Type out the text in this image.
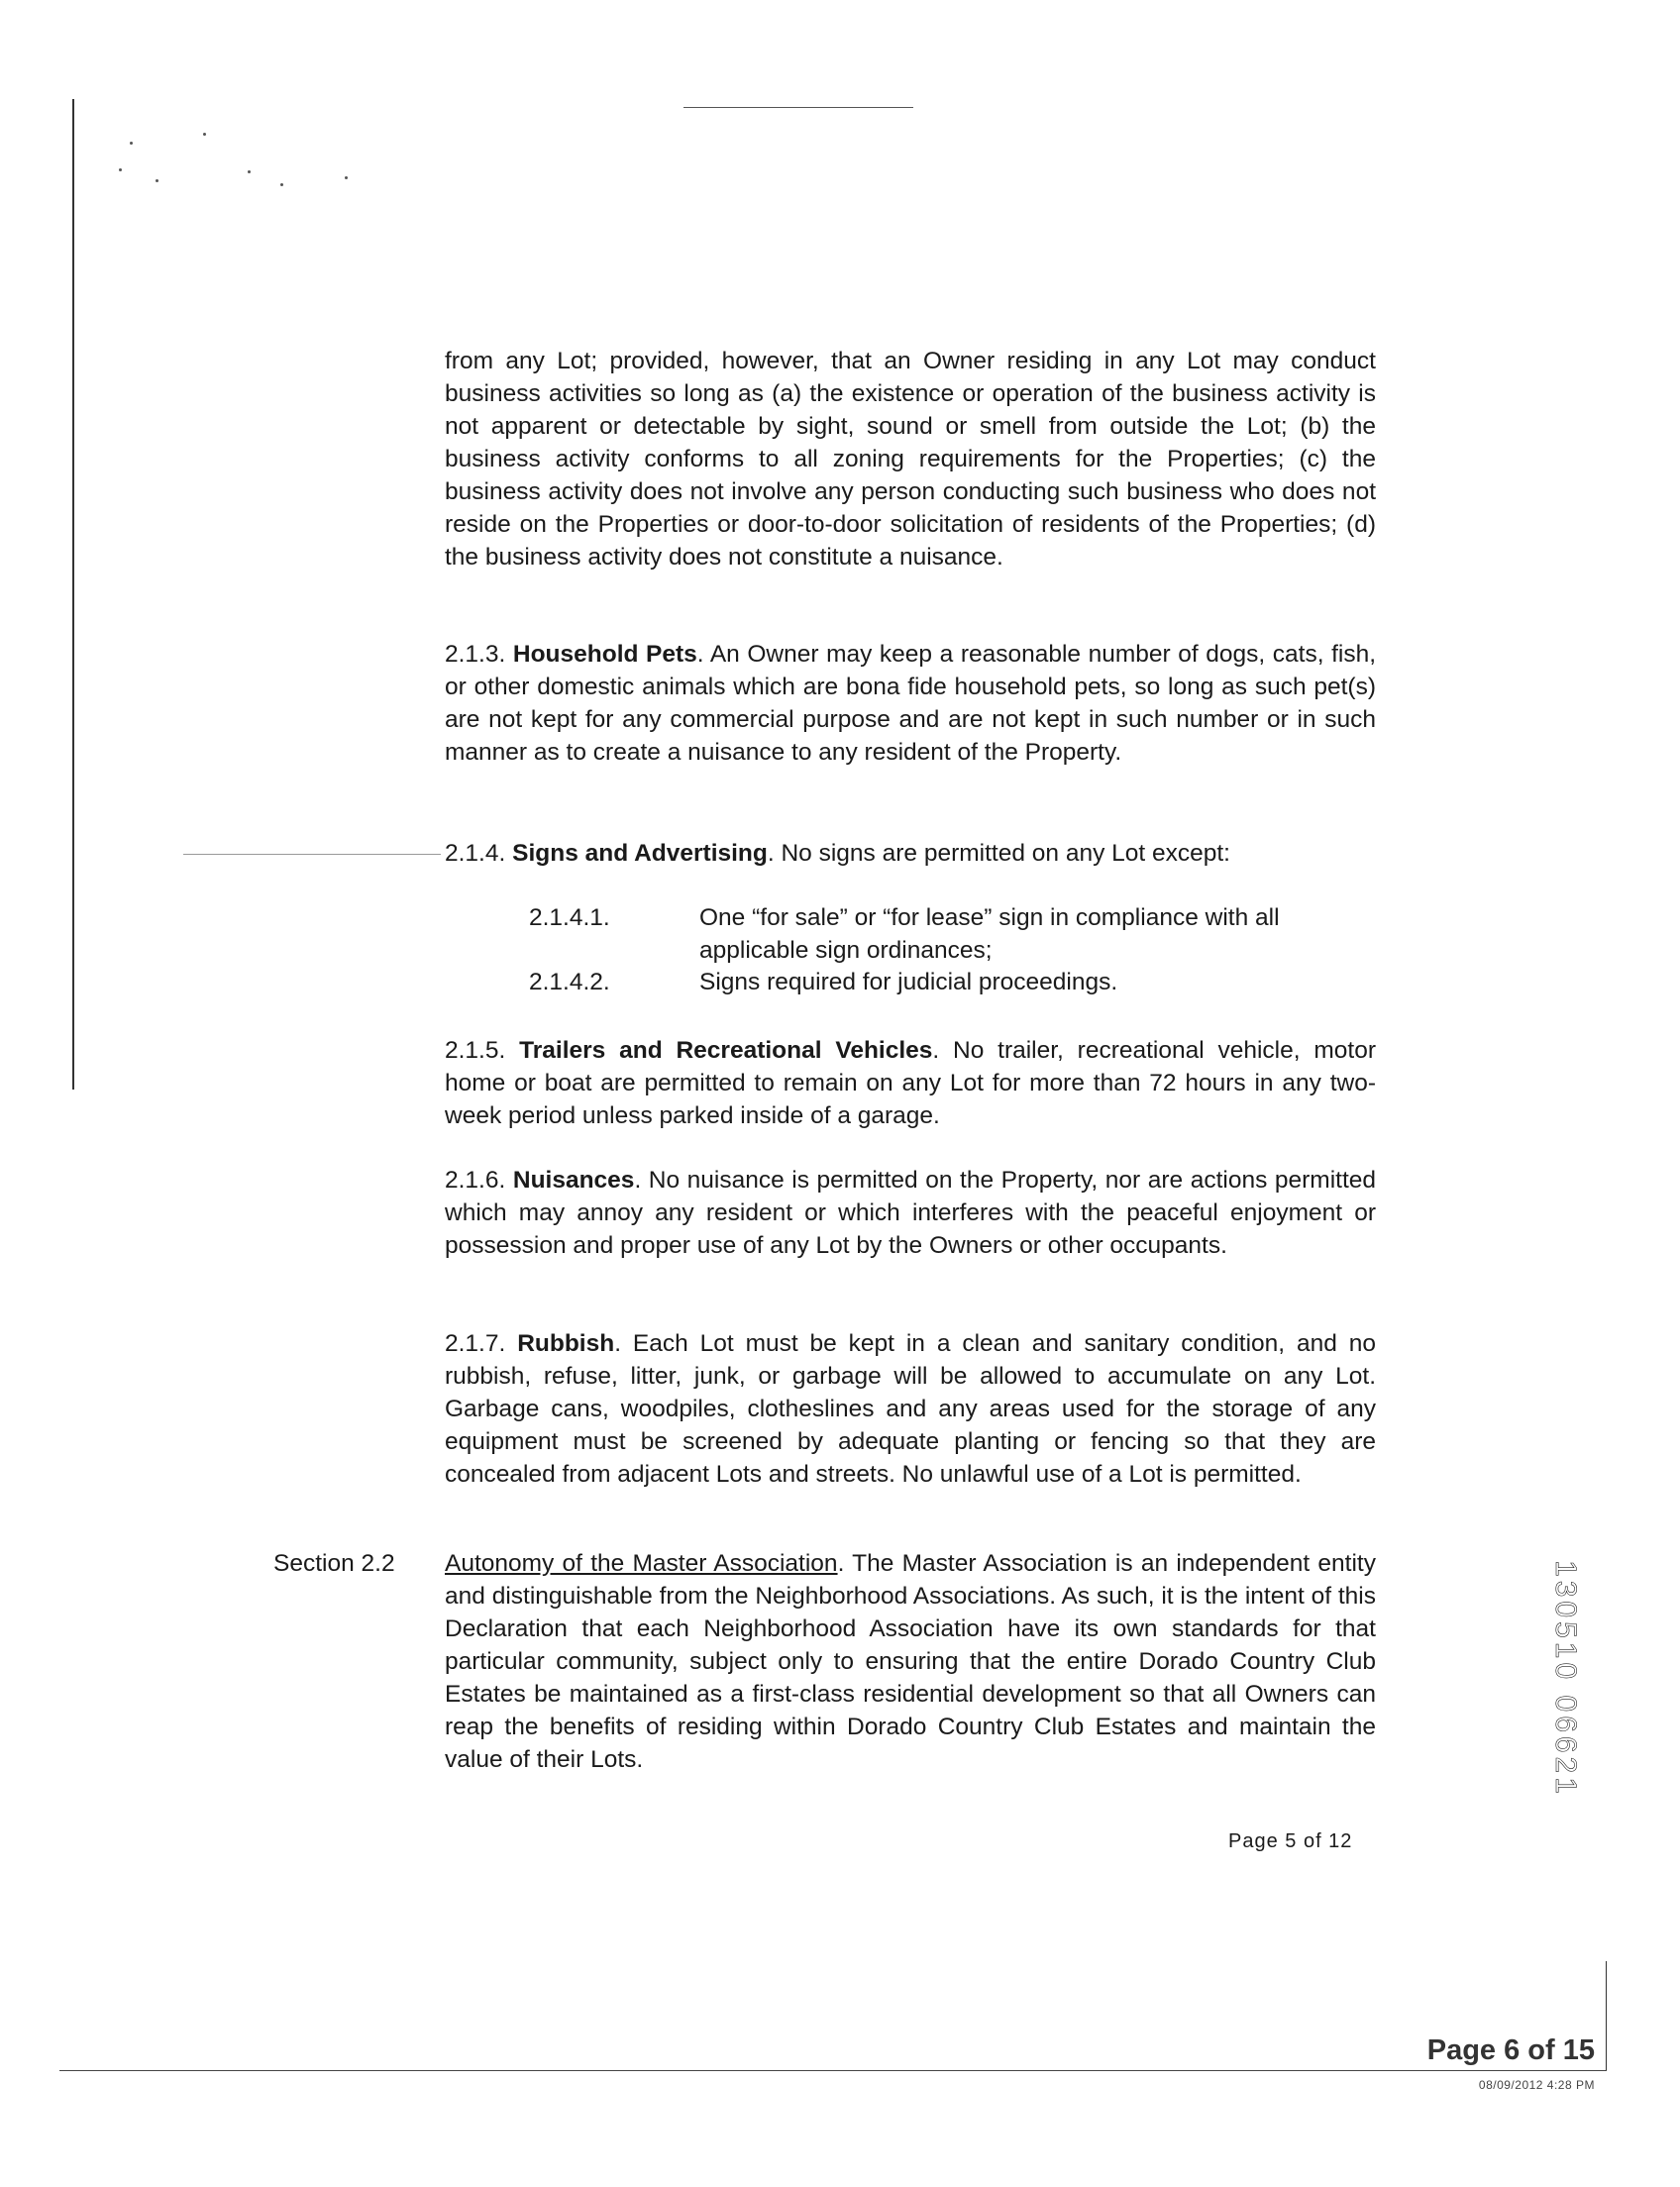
from any Lot; provided, however, that an Owner residing in any Lot may conduct business activities so long as (a) the existence or operation of the business activity is not apparent or detectable by sight, sound or smell from outside the Lot; (b) the business activity conforms to all zoning requirements for the Properties; (c) the business activity does not involve any person conducting such business who does not reside on the Properties or door-to-door solicitation of residents of the Properties; (d) the business activity does not constitute a nuisance.
2.1.3. Household Pets. An Owner may keep a reasonable number of dogs, cats, fish, or other domestic animals which are bona fide household pets, so long as such pet(s) are not kept for any commercial purpose and are not kept in such number or in such manner as to create a nuisance to any resident of the Property.
2.1.4. Signs and Advertising. No signs are permitted on any Lot except:
2.1.4.1.	One “for sale” or “for lease” sign in compliance with all applicable sign ordinances;
2.1.4.2.	Signs required for judicial proceedings.
2.1.5. Trailers and Recreational Vehicles. No trailer, recreational vehicle, motor home or boat are permitted to remain on any Lot for more than 72 hours in any two-week period unless parked inside of a garage.
2.1.6. Nuisances. No nuisance is permitted on the Property, nor are actions permitted which may annoy any resident or which interferes with the peaceful enjoyment or possession and proper use of any Lot by the Owners or other occupants.
2.1.7. Rubbish. Each Lot must be kept in a clean and sanitary condition, and no rubbish, refuse, litter, junk, or garbage will be allowed to accumulate on any Lot. Garbage cans, woodpiles, clotheslines and any areas used for the storage of any equipment must be screened by adequate planting or fencing so that they are concealed from adjacent Lots and streets. No unlawful use of a Lot is permitted.
Section 2.2 Autonomy of the Master Association. The Master Association is an independent entity and distinguishable from the Neighborhood Associations. As such, it is the intent of this Declaration that each Neighborhood Association have its own standards for that particular community, subject only to ensuring that the entire Dorado Country Club Estates be maintained as a first-class residential development so that all Owners can reap the benefits of residing within Dorado Country Club Estates and maintain the value of their Lots.
Page 5 of 12
130510 06621
Page 6 of 15
08/09/2012 4:28 PM
